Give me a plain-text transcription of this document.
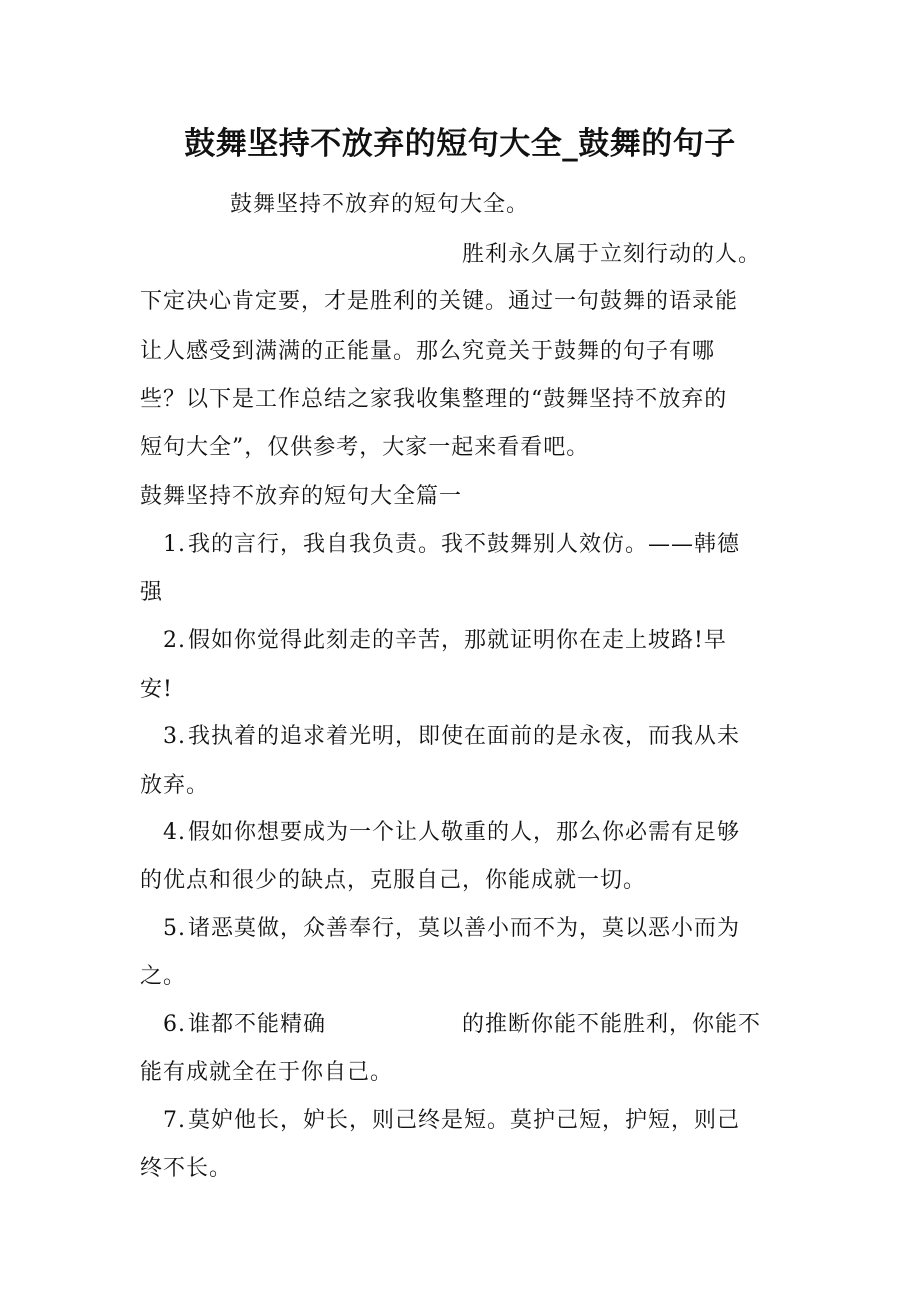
鼓舞坚持不放弃的短句大全_鼓舞的句子
鼓舞坚持不放弃的短句大全。
胜利永久属于立刻行动的人。
下定决心肯定要，才是胜利的关键。通过一句鼓舞的语录能
让人感受到满满的正能量。那么究竟关于鼓舞的句子有哪
些？以下是工作总结之家我收集整理的“鼓舞坚持不放弃的
短句大全”，仅供参考，大家一起来看看吧。
鼓舞坚持不放弃的短句大全篇一
1.我的言行，我自我负责。我不鼓舞别人效仿。——韩德
强
2.假如你觉得此刻走的辛苦，那就证明你在走上坡路!早
安!
3.我执着的追求着光明，即使在面前的是永夜，而我从未
放弃。
4.假如你想要成为一个让人敬重的人，那么你必需有足够
的优点和很少的缺点，克服自己，你能成就一切。
5.诸恶莫做，众善奉行，莫以善小而不为，莫以恶小而为
之。
6.谁都不能精确	的推断你能不能胜利，你能不
能有成就全在于你自己。
7.莫妒他长，妒长，则己终是短。莫护己短，护短，则己
终不长。
